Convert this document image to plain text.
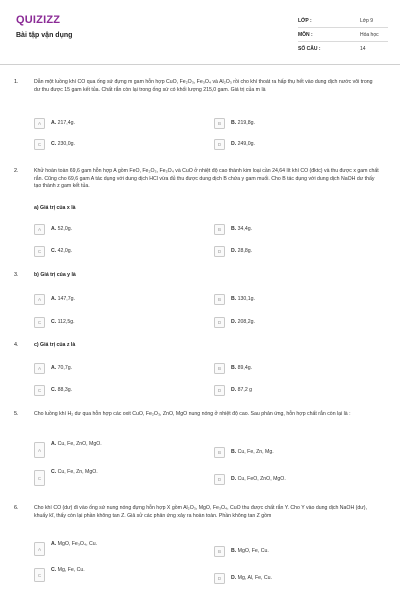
QUIZIZZ
Bài tập vận dụng
LỚP :	Lớp 9
MÔN :	Hóa học
SỐ CÂU :	14
1.	Dẫn một luồng khí CO qua ống sứ đựng m gam hỗn hợp CuO, Fe₂O₃, Fe₃O₄ và Al₂O₃ rồi cho khí thoát ra hấp thụ hết vào dung dịch nước vôi trong dư thu được 15 gam kết tủa. Chất rắn còn lại trong ống sứ có khối lượng 215,0 gam. Giá trị của m là
A	A. 217,4g.	B	B. 219,8g.
C	C. 230,0g.	D	D. 249,0g.
2.	Khử hoàn toàn 69,6 gam hỗn hợp A gồm FeO, Fe₂O₃, Fe₃O₄ và CuO ở nhiệt độ cao thành kim loại cần 24,64 lít khí CO (đktc) và thu được x gam chất rắn. Cũng cho 69,6 gam A tác dụng với dung dịch HCl vừa đủ thu được dung dịch B chứa y gam muối. Cho B tác dụng với dung dịch NaOH dư thấy tạo thành z gam kết tủa.
a) Giá trị của x là
A	A. 52,0g.	B	B. 34,4g.
C	C. 42,0g.	D	D. 28,8g.
3.	b) Giá trị của y là
A	A. 147,7g.	B	B. 130,1g.
C	C. 112,5g.	D	D. 208,2g.
4.	c) Giá trị của z là
A	A. 70,7g.	B	B. 89,4g.
C	C. 88,3g.	D	D. 87,2 g
5.	Cho luồng khí H₂ dư qua hỗn hợp các oxit CuO, Fe₂O₃, ZnO, MgO nung nóng ở nhiệt độ cao. Sau phản ứng, hỗn hợp chất rắn còn lại là :
A
A. Cu, Fe, ZnO, MgO.
B	B. Cu, Fe, Zn, Mg.
C
C. Cu, Fe, Zn, MgO.
D	D. Cu, FeO, ZnO, MgO.
6.	Cho khí CO (dư) đi vào ống sứ nung nóng đựng hỗn hợp X gồm Al₂O₃, MgO, Fe₃O₄, CuO thu được chất rắn Y. Cho Y vào dung dịch NaOH (dư), khuấy kĩ, thấy còn lại phần không tan Z. Giả sử các phản ứng xảy ra hoàn toàn. Phần không tan Z gồm
A
A. MgO, Fe₃O₄, Cu.
B	B. MgO, Fe, Cu.
C
C. Mg, Fe, Cu.
D	D. Mg, Al, Fe, Cu.
